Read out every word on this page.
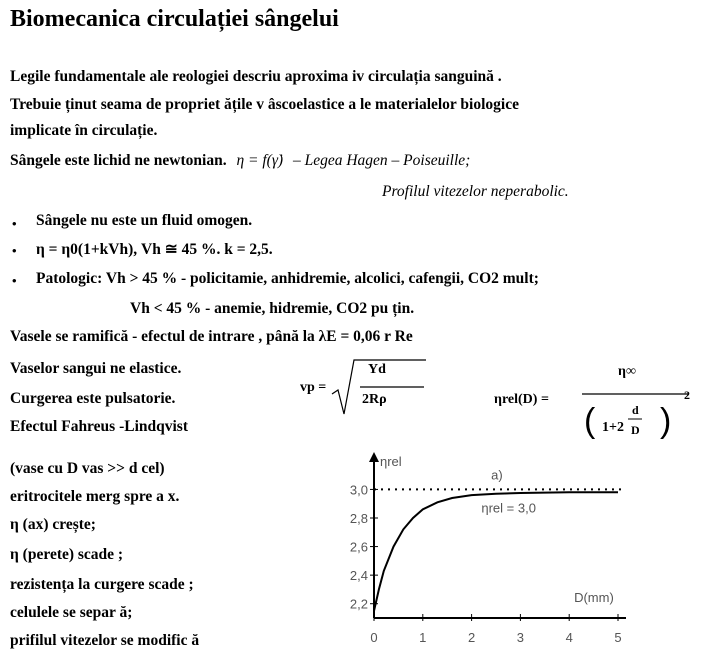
Biomecanica circulației sângelui
Legile fundamentale ale reologiei descriu aproxima iv circulația sanguină .
Trebuie ținut seama de propriet ățile v âscoelastice a le materialelor biologice
implicate în circulație.
Sângele este lichid ne newtonian. η = f(γ̇) – Legea Hagen – Poiseuille;
Profilul vitezelor neperabolic.
• Sângele nu este un fluid omogen.
• η = η0(1+kVh), Vh ≅ 45 %. k = 2,5.
• Patologic: Vh > 45 % - policitamie, anhidremie, alcolici, cafengii, CO2 mult;
Vh < 45 % - anemie, hidremie, CO2 pu țin.
Vasele se ramifică - efectul de intrare , până la λE = 0,06 r Re
Vaselor sangui ne elastice.
Curgerea este pulsatorie.
Efectul Fahreus -Lindqvist
vp =
Yd
2Rρ	ηrel(D) =
η∞
( )
1+2
d
D
2
(vase cu D vas >> d cel)
eritrocitele merg spre a x.
η (ax) crește;
η (perete) scade ;
rezistența la curgere scade ;
celulele se separ ă;
prifilul vitezelor se modific ă
2,2
2,4
2,6
2,8
3,0
0	1	2	3	4	5
a)
ηrel
ηrel = 3,0
D(mm)
